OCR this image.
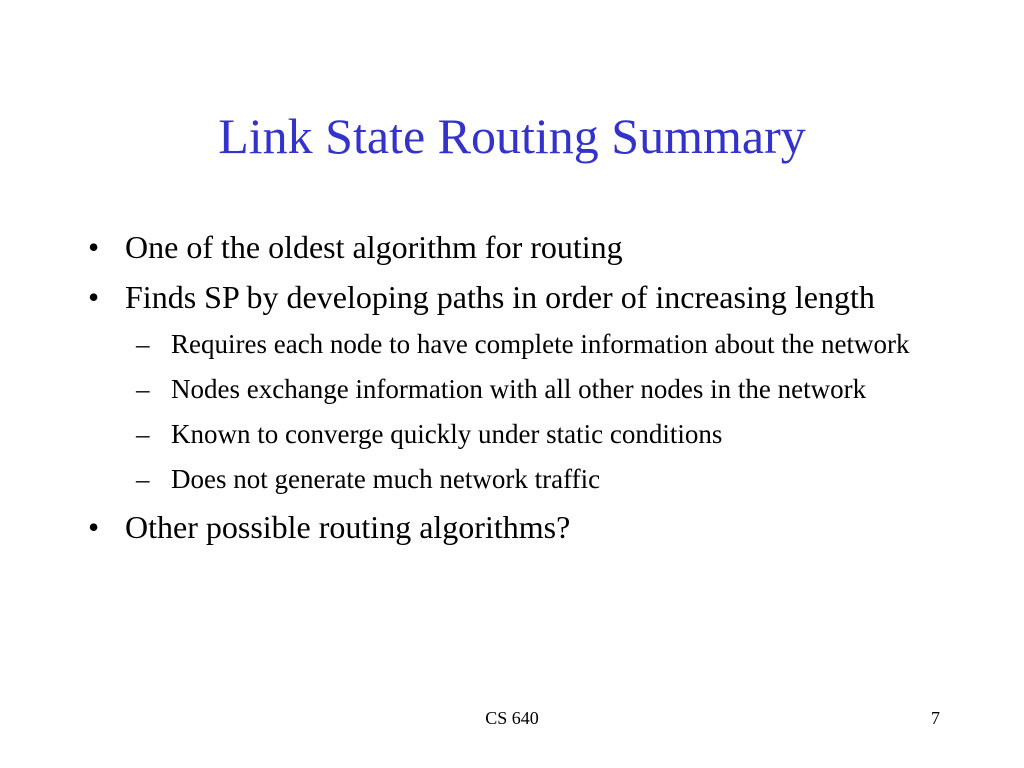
Link State Routing Summary
• One of the oldest algorithm for routing
• Finds SP by developing paths in order of increasing length
– Requires each node to have complete information about the network
– Nodes exchange information with all other nodes in the network
– Known to converge quickly under static conditions
– Does not generate much network traffic
• Other possible routing algorithms?
CS 640	7
